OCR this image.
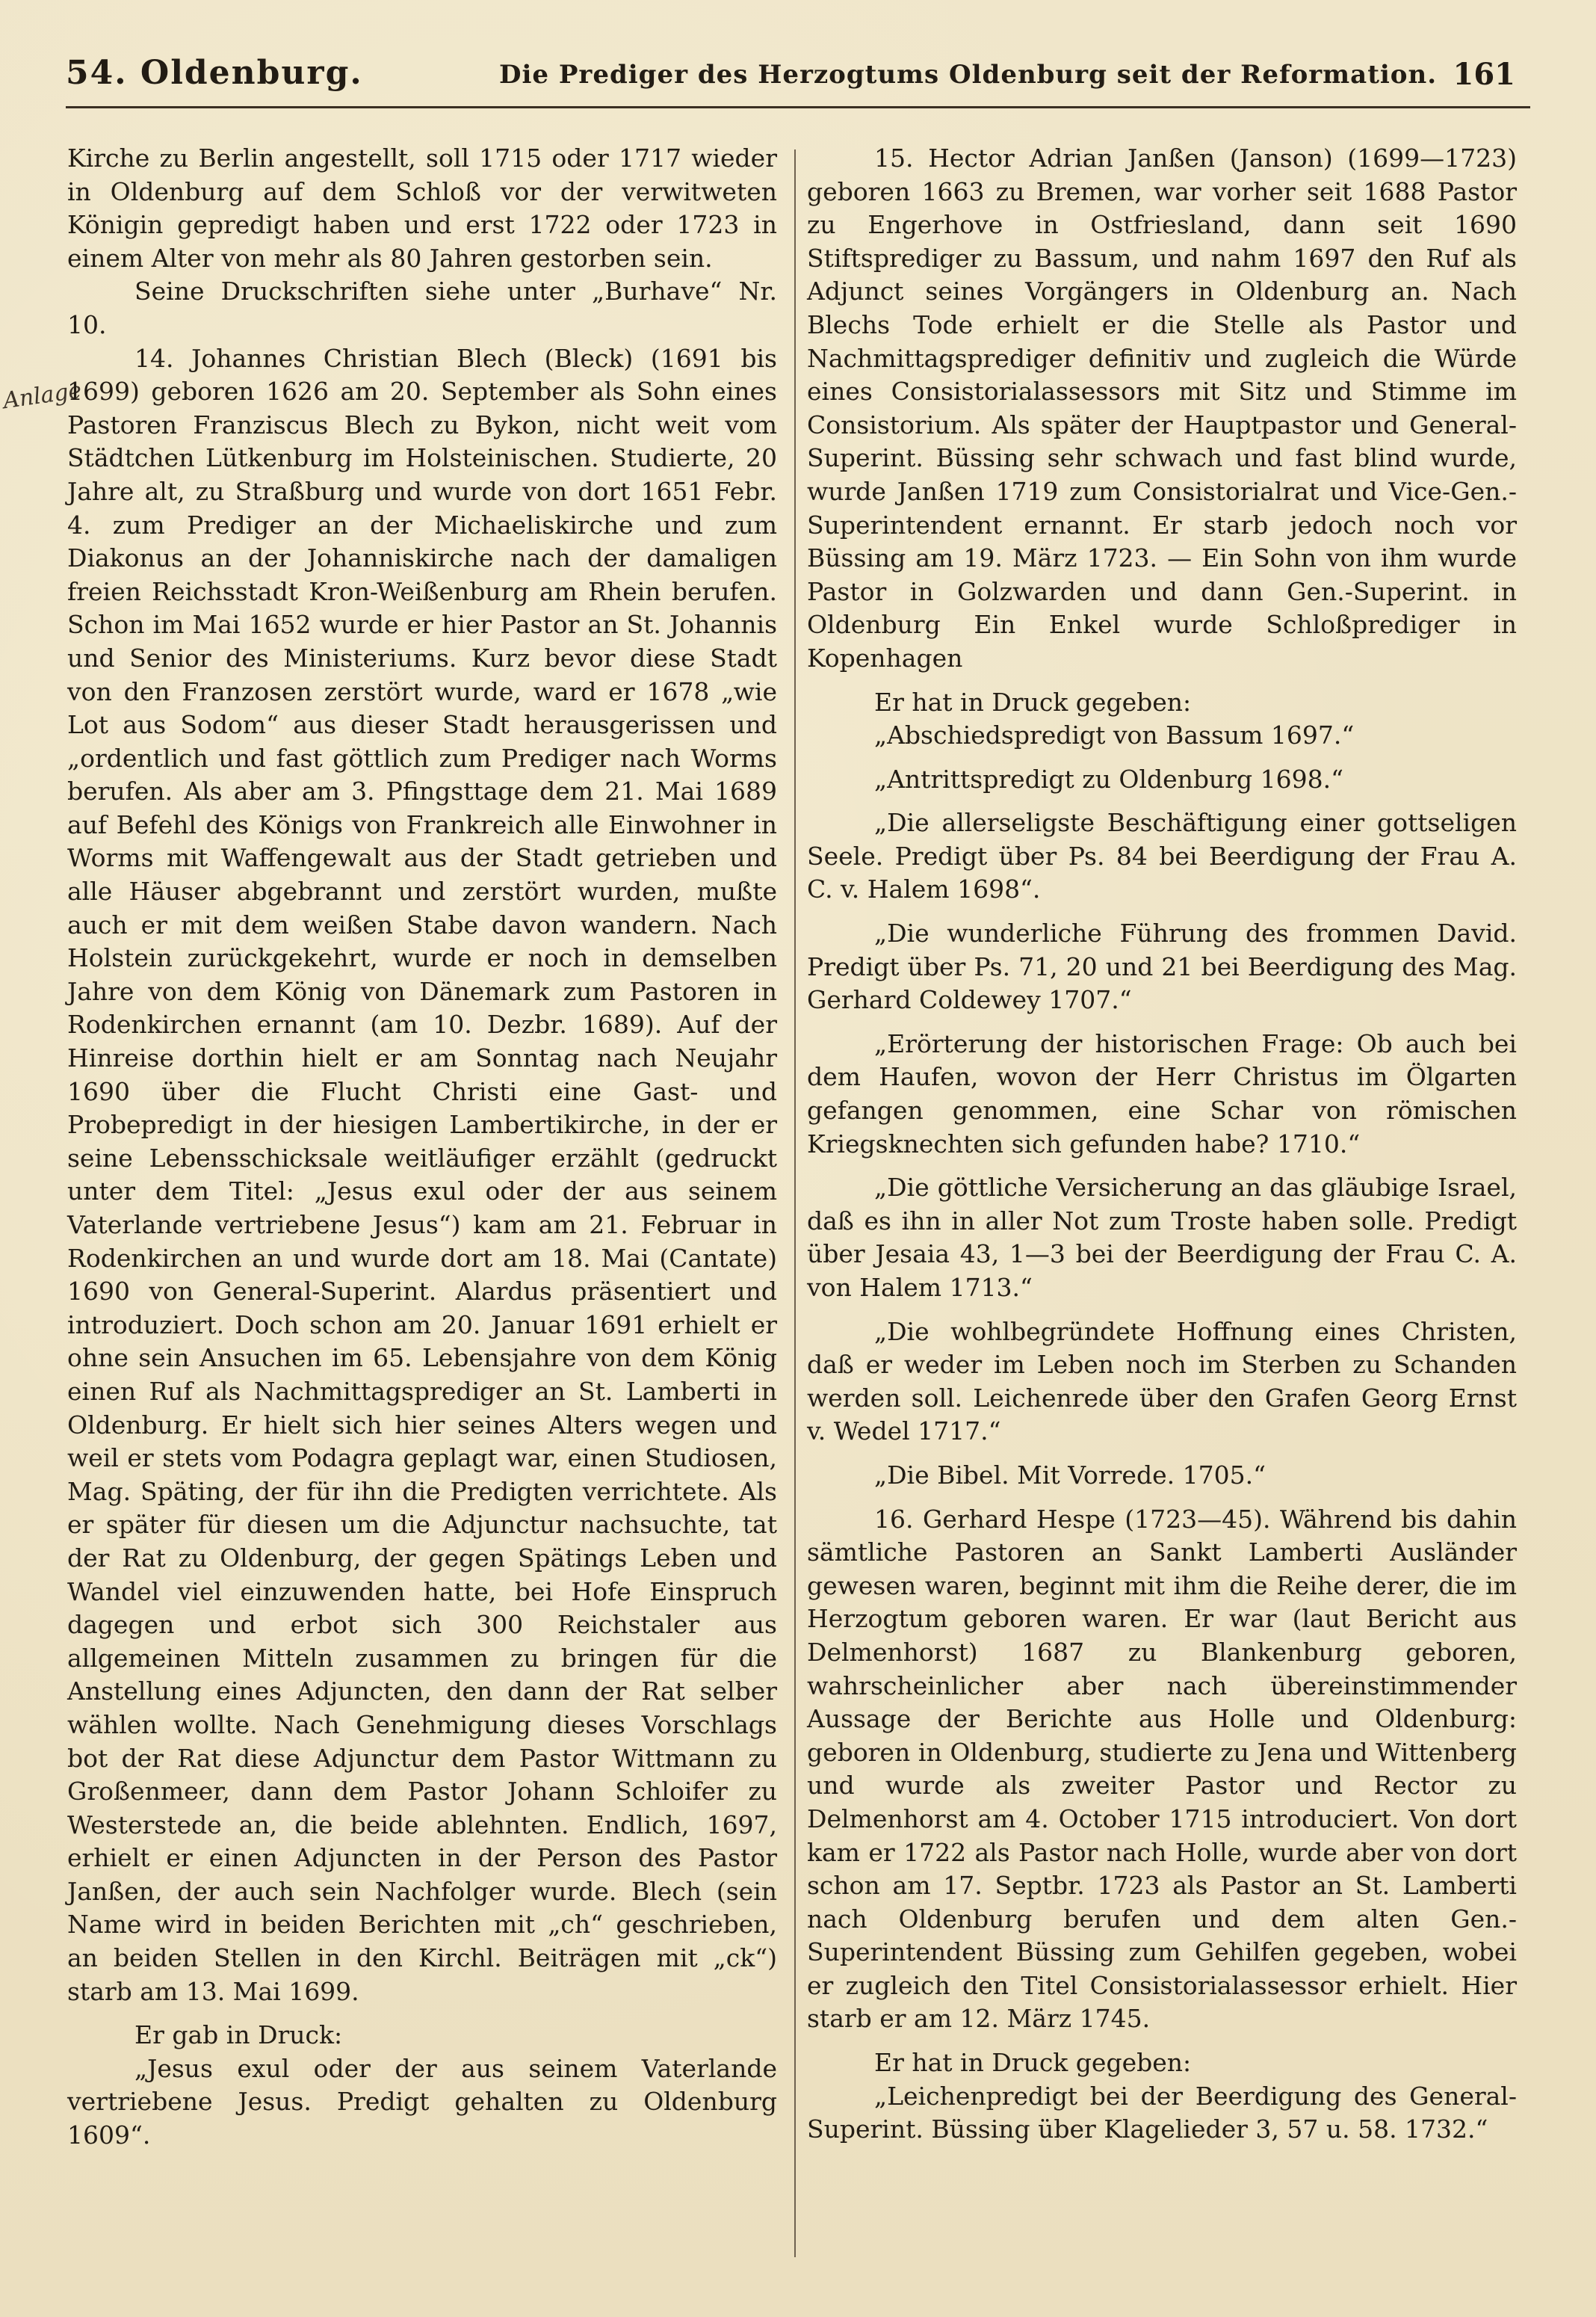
54. Oldenburg.	Die Prediger des Herzogtums Oldenburg seit der Reformation. 161
Anlage

Kirche zu Berlin angestellt, soll 1715 oder 1717 wieder in Oldenburg auf dem Schloß vor der verwitweten Königin gepredigt haben und erst 1722 oder 1723 in einem Alter von mehr als 80 Jahren gestorben sein.

Seine Druckschriften siehe unter „Burhave“ Nr. 10.

14. Johannes Christian Blech (Bleck) (1691 bis 1699) geboren 1626 am 20. September als Sohn eines Pastoren Franziscus Blech zu Bykon, nicht weit vom Städtchen Lütkenburg im Holsteinischen. Studierte, 20 Jahre alt, zu Straßburg und wurde von dort 1651 Febr. 4. zum Prediger an der Michaeliskirche und zum Diakonus an der Johanniskirche nach der damaligen freien Reichsstadt Kron-Weißenburg am Rhein berufen. Schon im Mai 1652 wurde er hier Pastor an St. Johannis und Senior des Ministeriums. Kurz bevor diese Stadt von den Franzosen zerstört wurde, ward er 1678 „wie Lot aus Sodom“ aus dieser Stadt herausgerissen und „ordentlich und fast göttlich zum Prediger nach Worms berufen. Als aber am 3. Pfingsttage dem 21. Mai 1689 auf Befehl des Königs von Frankreich alle Einwohner in Worms mit Waffengewalt aus der Stadt getrieben und alle Häuser abgebrannt und zerstört wurden, mußte auch er mit dem weißen Stabe davon wandern. Nach Holstein zurückgekehrt, wurde er noch in demselben Jahre von dem König von Dänemark zum Pastoren in Rodenkirchen ernannt (am 10. Dezbr. 1689). Auf der Hinreise dorthin hielt er am Sonntag nach Neujahr 1690 über die Flucht Christi eine Gast- und Probepredigt in der hiesigen Lambertikirche, in der er seine Lebensschicksale weitläufiger erzählt (gedruckt unter dem Titel: „Jesus exul oder der aus seinem Vaterlande vertriebene Jesus“) kam am 21. Februar in Rodenkirchen an und wurde dort am 18. Mai (Cantate) 1690 von General-Superint. Alardus präsentiert und introduziert. Doch schon am 20. Januar 1691 erhielt er ohne sein Ansuchen im 65. Lebensjahre von dem König einen Ruf als Nachmittagsprediger an St. Lamberti in Oldenburg. Er hielt sich hier seines Alters wegen und weil er stets vom Podagra geplagt war, einen Studiosen, Mag. Späting, der für ihn die Predigten verrichtete. Als er später für diesen um die Adjunctur nachsuchte, tat der Rat zu Oldenburg, der gegen Spätings Leben und Wandel viel einzuwenden hatte, bei Hofe Einspruch dagegen und erbot sich 300 Reichstaler aus allgemeinen Mitteln zusammen zu bringen für die Anstellung eines Adjuncten, den dann der Rat selber wählen wollte. Nach Genehmigung dieses Vorschlags bot der Rat diese Adjunctur dem Pastor Wittmann zu Großenmeer, dann dem Pastor Johann Schloifer zu Westerstede an, die beide ablehnten. Endlich, 1697, erhielt er einen Adjuncten in der Person des Pastor Janßen, der auch sein Nachfolger wurde. Blech (sein Name wird in beiden Berichten mit „ch“ geschrieben, an beiden Stellen in den Kirchl. Beiträgen mit „ck“) starb am 13. Mai 1699.

Er gab in Druck:

„Jesus exul oder der aus seinem Vaterlande vertriebene Jesus. Predigt gehalten zu Oldenburg 1609“.

15. Hector Adrian Janßen (Janson) (1699—1723) geboren 1663 zu Bremen, war vorher seit 1688 Pastor zu Engerhove in Ostfriesland, dann seit 1690 Stiftsprediger zu Bassum, und nahm 1697 den Ruf als Adjunct seines Vorgängers in Oldenburg an. Nach Blechs Tode erhielt er die Stelle als Pastor und Nachmittagsprediger definitiv und zugleich die Würde eines Consistorialassessors mit Sitz und Stimme im Consistorium. Als später der Hauptpastor und General-Superint. Büssing sehr schwach und fast blind wurde, wurde Janßen 1719 zum Consistorialrat und Vice-Gen.-Superintendent ernannt. Er starb jedoch noch vor Büssing am 19. März 1723. — Ein Sohn von ihm wurde Pastor in Golzwarden und dann Gen.-Superint. in Oldenburg Ein Enkel wurde Schloßprediger in Kopenhagen

Er hat in Druck gegeben:

„Abschiedspredigt von Bassum 1697.“

„Antrittspredigt zu Oldenburg 1698.“

„Die allerseligste Beschäftigung einer gottseligen Seele. Predigt über Ps. 84 bei Beerdigung der Frau A. C. v. Halem 1698“.

„Die wunderliche Führung des frommen David. Predigt über Ps. 71, 20 und 21 bei Beerdigung des Mag. Gerhard Coldewey 1707.“

„Erörterung der historischen Frage: Ob auch bei dem Haufen, wovon der Herr Christus im Ölgarten gefangen genommen, eine Schar von römischen Kriegsknechten sich gefunden habe? 1710.“

„Die göttliche Versicherung an das gläubige Israel, daß es ihn in aller Not zum Troste haben solle. Predigt über Jesaia 43, 1—3 bei der Beerdigung der Frau C. A. von Halem 1713.“

„Die wohlbegründete Hoffnung eines Christen, daß er weder im Leben noch im Sterben zu Schanden werden soll. Leichenrede über den Grafen Georg Ernst v. Wedel 1717.“

„Die Bibel. Mit Vorrede. 1705.“

16. Gerhard Hespe (1723—45). Während bis dahin sämtliche Pastoren an Sankt Lamberti Ausländer gewesen waren, beginnt mit ihm die Reihe derer, die im Herzogtum geboren waren. Er war (laut Bericht aus Delmenhorst) 1687 zu Blankenburg geboren, wahrscheinlicher aber nach übereinstimmender Aussage der Berichte aus Holle und Oldenburg: geboren in Oldenburg, studierte zu Jena und Wittenberg und wurde als zweiter Pastor und Rector zu Delmenhorst am 4. October 1715 introduciert. Von dort kam er 1722 als Pastor nach Holle, wurde aber von dort schon am 17. Septbr. 1723 als Pastor an St. Lamberti nach Oldenburg berufen und dem alten Gen.-Superintendent Büssing zum Gehilfen gegeben, wobei er zugleich den Titel Consistorialassessor erhielt. Hier starb er am 12. März 1745.

Er hat in Druck gegeben:

„Leichenpredigt bei der Beerdigung des General-Superint. Büssing über Klagelieder 3, 57 u. 58. 1732.“
